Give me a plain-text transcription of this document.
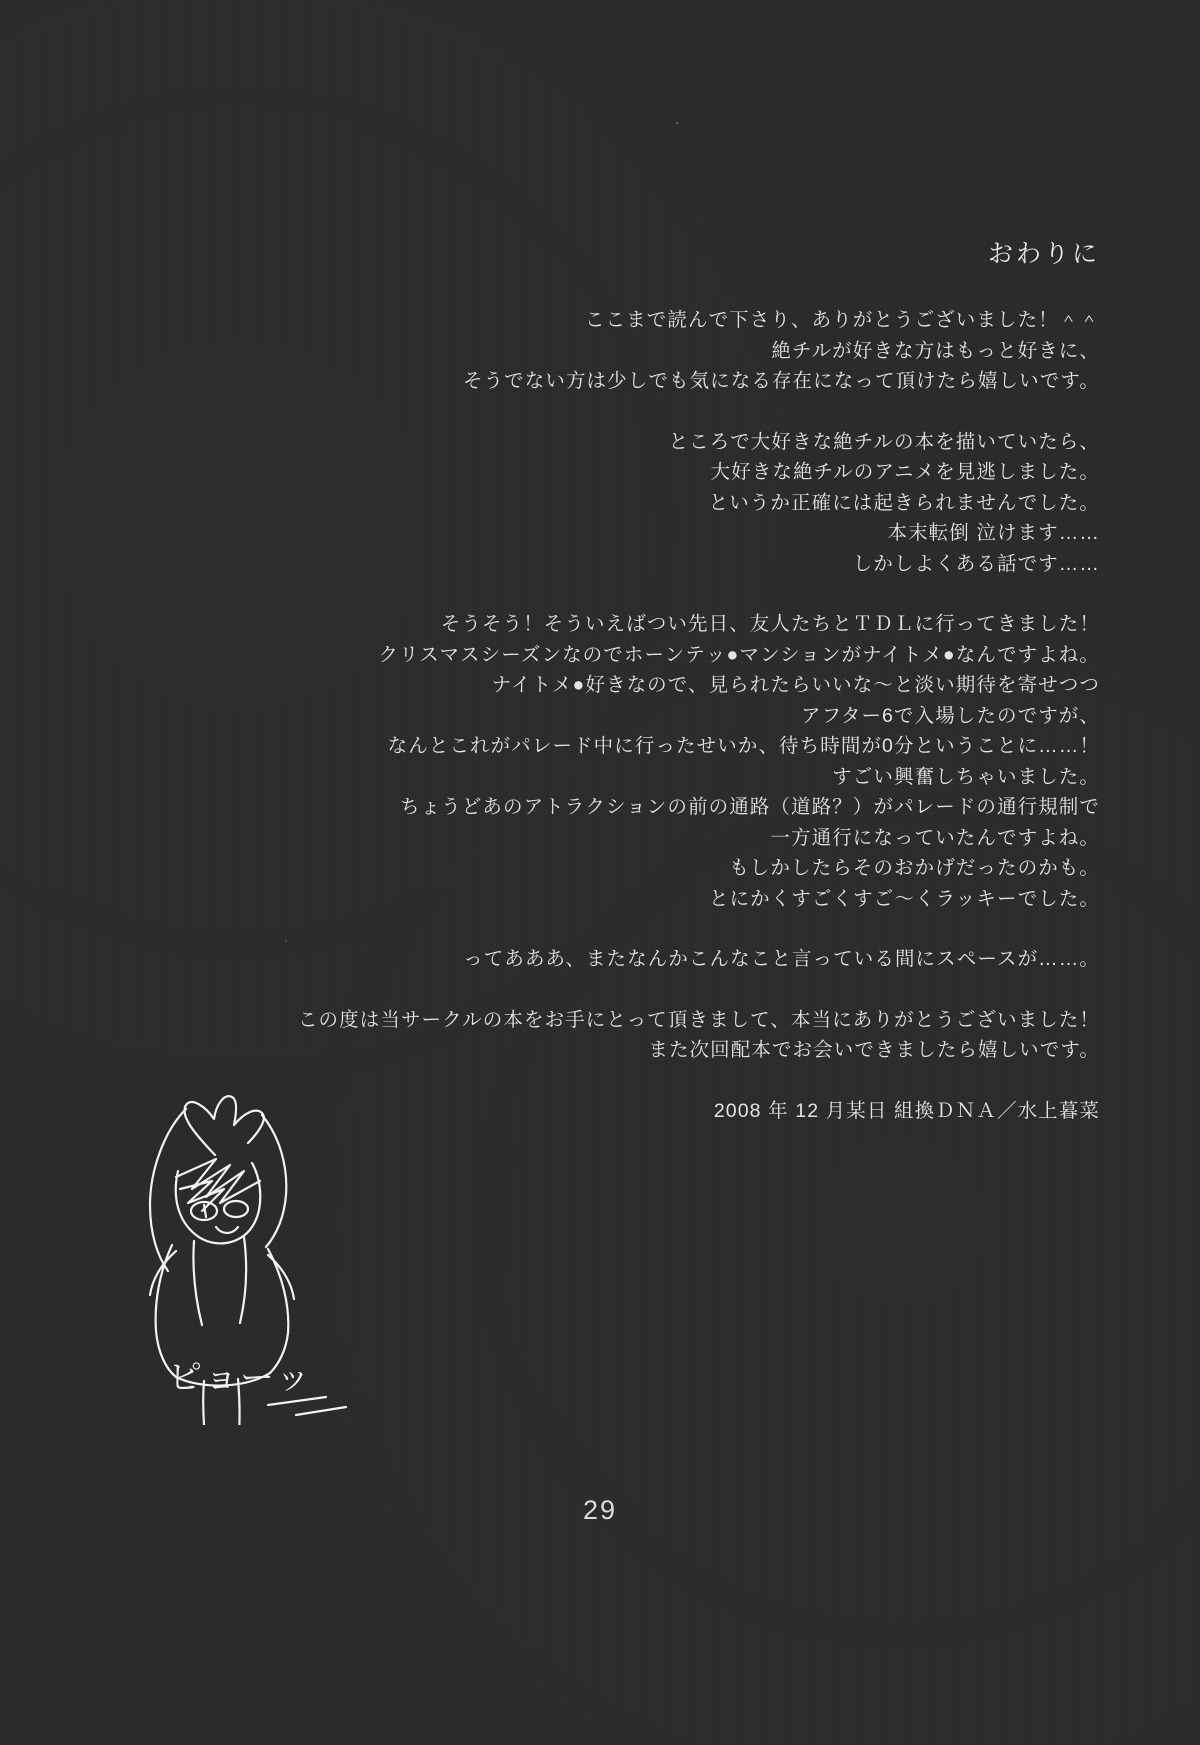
おわりに

ここまで読んで下さり、ありがとうございました！＾＾
絶チルが好きな方はもっと好きに、
そうでない方は少しでも気になる存在になって頂けたら嬉しいです。

ところで大好きな絶チルの本を描いていたら、
大好きな絶チルのアニメを見逃しました。
というか正確には起きられませんでした。
本末転倒 泣けます……
しかしよくある話です……

そうそう！そういえばつい先日、友人たちとＴＤＬに行ってきました！
クリスマスシーズンなのでホーンテッ●マンションがナイトメ●なんですよね。
ナイトメ●好きなので、見られたらいいな〜と淡い期待を寄せつつ
アフター6で入場したのですが、
なんとこれがパレード中に行ったせいか、待ち時間が0分ということに……！
すごい興奮しちゃいました。
ちょうどあのアトラクションの前の通路（道路？）がパレードの通行規制で
一方通行になっていたんですよね。
もしかしたらそのおかげだったのかも。
とにかくすごくすご〜くラッキーでした。

ってあああ、またなんかこんなこと言っている間にスペースが……。

この度は当サークルの本をお手にとって頂きまして、本当にありがとうございました！
また次回配本でお会いできましたら嬉しいです。

2008 年 12 月某日 組換ＤＮＡ／水上暮菜

ピョーッ
29
